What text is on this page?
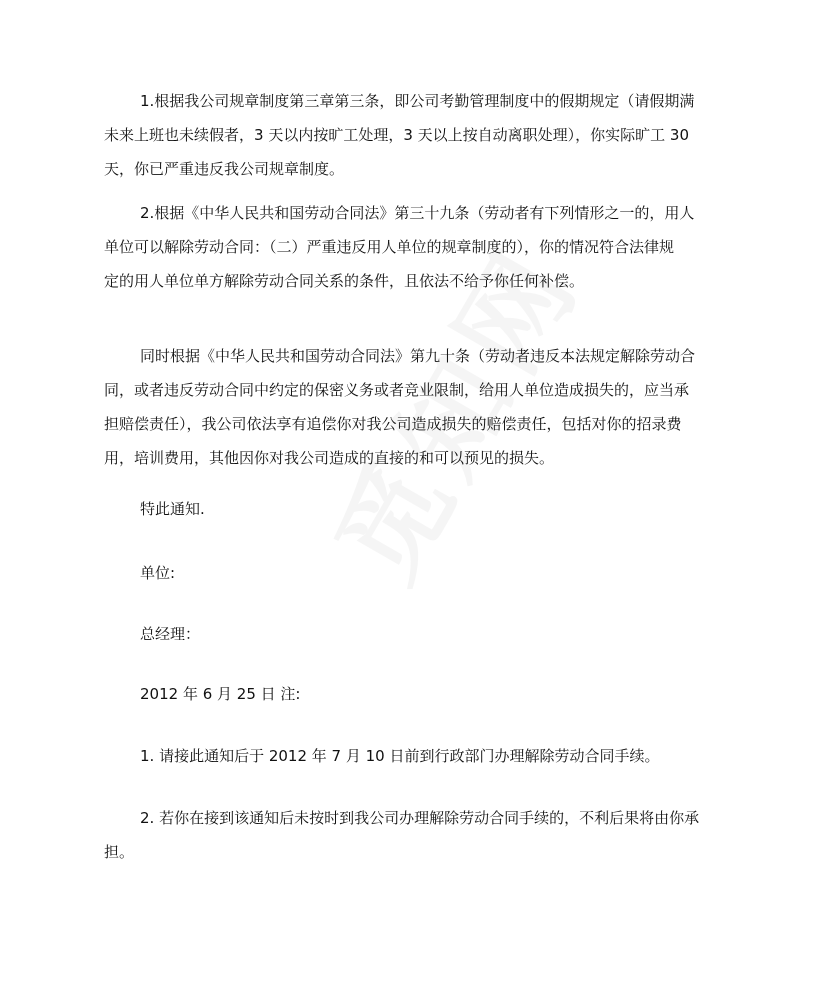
1.根据我公司规章制度第三章第三条，即公司考勤管理制度中的假期规定（请假期满
未来上班也未续假者，3 天以内按旷工处理，3 天以上按自动离职处理），你实际旷工 30
天，你已严重违反我公司规章制度。
2.根据《中华人民共和国劳动合同法》第三十九条（劳动者有下列情形之一的，用人
单位可以解除劳动合同：（二）严重违反用人单位的规章制度的），你的情况符合法律规
定的用人单位单方解除劳动合同关系的条件，且依法不给予你任何补偿。
同时根据《中华人民共和国劳动合同法》第九十条（劳动者违反本法规定解除劳动合
同，或者违反劳动合同中约定的保密义务或者竞业限制，给用人单位造成损失的，应当承
担赔偿责任），我公司依法享有追偿你对我公司造成损失的赔偿责任，包括对你的招录费
用，培训费用，其他因你对我公司造成的直接的和可以预见的损失。
特此通知.
单位:
总经理：
2012 年 6 月 25 日 注:
1. 请接此通知后于 2012 年 7 月 10 日前到行政部门办理解除劳动合同手续。
2. 若你在接到该通知后未按时到我公司办理解除劳动合同手续的，不利后果将由你承
担。
